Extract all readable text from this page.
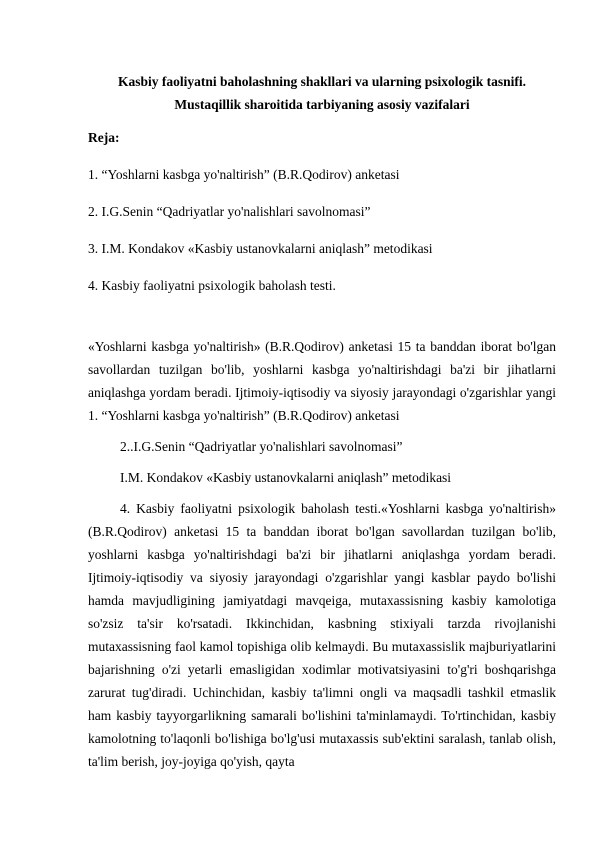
Kasbiy faoliyatni baholashning shakllari va ularning psixologik tasnifi.

Mustaqillik sharoitida tarbiyaning asosiy vazifalari

Reja:

1. “Yoshlarni kasbga yo'naltirish” (B.R.Qodirov) anketasi

2. I.G.Senin “Qadriyatlar yo'nalishlari savolnomasi”

3. I.M. Kondakov «Kasbiy ustanovkalarni aniqlash” metodikasi

4. Kasbiy faoliyatni psixologik baholash testi.

«Yoshlarni kasbga yo'naltirish» (B.R.Qodirov) anketasi 15 ta banddan iborat bo'lgan savollardan tuzilgan bo'lib, yoshlarni kasbga yo'naltirishdagi ba'zi bir jihatlarni aniqlashga yordam beradi. Ijtimoiy-iqtisodiy va siyosiy jarayondagi o'zgarishlar yangi 1. “Yoshlarni kasbga yo'naltirish” (B.R.Qodirov) anketasi

2..I.G.Senin “Qadriyatlar yo'nalishlari savolnomasi”

I.M. Kondakov «Kasbiy ustanovkalarni aniqlash” metodikasi

4. Kasbiy faoliyatni psixologik baholash testi.«Yoshlarni kasbga yo'naltirish» (B.R.Qodirov) anketasi 15 ta banddan iborat bo'lgan savollardan tuzilgan bo'lib, yoshlarni kasbga yo'naltirishdagi ba'zi bir jihatlarni aniqlashga yordam beradi. Ijtimoiy-iqtisodiy va siyosiy jarayondagi o'zgarishlar yangi kasblar paydo bo'lishi hamda mavjudligining jamiyatdagi mavqeiga, mutaxassisning kasbiy kamolotiga so'zsiz ta'sir ko'rsatadi. Ikkinchidan, kasbning stixiyali tarzda rivojlanishi mutaxassisning faol kamol topishiga olib kelmaydi. Bu mutaxassislik majburiyatlarini bajarishning o'zi yetarli emasligidan xodimlar motivatsiyasini to'g'ri boshqarishga zarurat tug'diradi. Uchinchidan, kasbiy ta'limni ongli va maqsadli tashkil etmaslik ham kasbiy tayyorgarlikning samarali bo'lishini ta'minlamaydi. To'rtinchidan, kasbiy kamolotning to'laqonli bo'lishiga bo'lg'usi mutaxassis sub'ektini saralash, tanlab olish, ta'lim berish, joy-joyiga qo'yish, qayta
